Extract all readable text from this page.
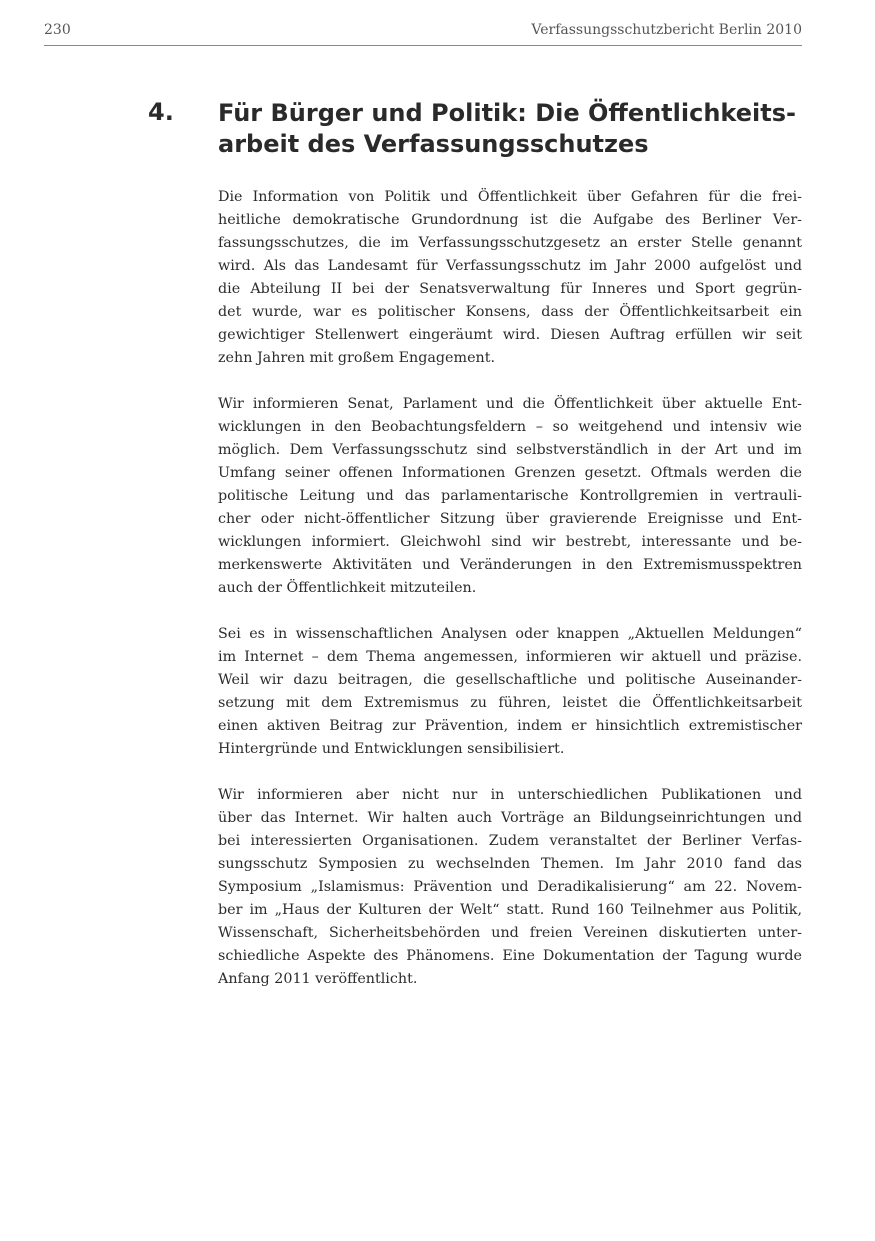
230	Verfassungsschutzbericht Berlin 2010
4. Für Bürger und Politik: Die Öffentlichkeits-
arbeit des Verfassungsschutzes

Die Information von Politik und Öffentlichkeit über Gefahren für die frei-
heitliche demokratische Grundordnung ist die Aufgabe des Berliner Ver-
fassungsschutzes, die im Verfassungsschutzgesetz an erster Stelle genannt
wird. Als das Landesamt für Verfassungsschutz im Jahr 2000 aufgelöst und
die Abteilung II bei der Senatsverwaltung für Inneres und Sport gegrün-
det wurde, war es politischer Konsens, dass der Öffentlichkeitsarbeit ein
gewichtiger Stellenwert eingeräumt wird. Diesen Auftrag erfüllen wir seit
zehn Jahren mit großem Engagement.

Wir informieren Senat, Parlament und die Öffentlichkeit über aktuelle Ent-
wicklungen in den Beobachtungsfeldern – so weitgehend und intensiv wie
möglich. Dem Verfassungsschutz sind selbstverständlich in der Art und im
Umfang seiner offenen Informationen Grenzen gesetzt. Oftmals werden die
politische Leitung und das parlamentarische Kontrollgremien in vertrauli-
cher oder nicht-öffentlicher Sitzung über gravierende Ereignisse und Ent-
wicklungen informiert. Gleichwohl sind wir bestrebt, interessante und be-
merkenswerte Aktivitäten und Veränderungen in den Extremismusspektren
auch der Öffentlichkeit mitzuteilen.

Sei es in wissenschaftlichen Analysen oder knappen „Aktuellen Meldungen“
im Internet – dem Thema angemessen, informieren wir aktuell und präzise.
Weil wir dazu beitragen, die gesellschaftliche und politische Auseinander-
setzung mit dem Extremismus zu führen, leistet die Öffentlichkeitsarbeit
einen aktiven Beitrag zur Prävention, indem er hinsichtlich extremistischer
Hintergründe und Entwicklungen sensibilisiert.

Wir informieren aber nicht nur in unterschiedlichen Publikationen und
über das Internet. Wir halten auch Vorträge an Bildungseinrichtungen und
bei interessierten Organisationen. Zudem veranstaltet der Berliner Verfas-
sungsschutz Symposien zu wechselnden Themen. Im Jahr 2010 fand das
Symposium „Islamismus: Prävention und Deradikalisierung“ am 22. Novem-
ber im „Haus der Kulturen der Welt“ statt. Rund 160 Teilnehmer aus Politik,
Wissenschaft, Sicherheitsbehörden und freien Vereinen diskutierten unter-
schiedliche Aspekte des Phänomens. Eine Dokumentation der Tagung wurde
Anfang 2011 veröffentlicht.
